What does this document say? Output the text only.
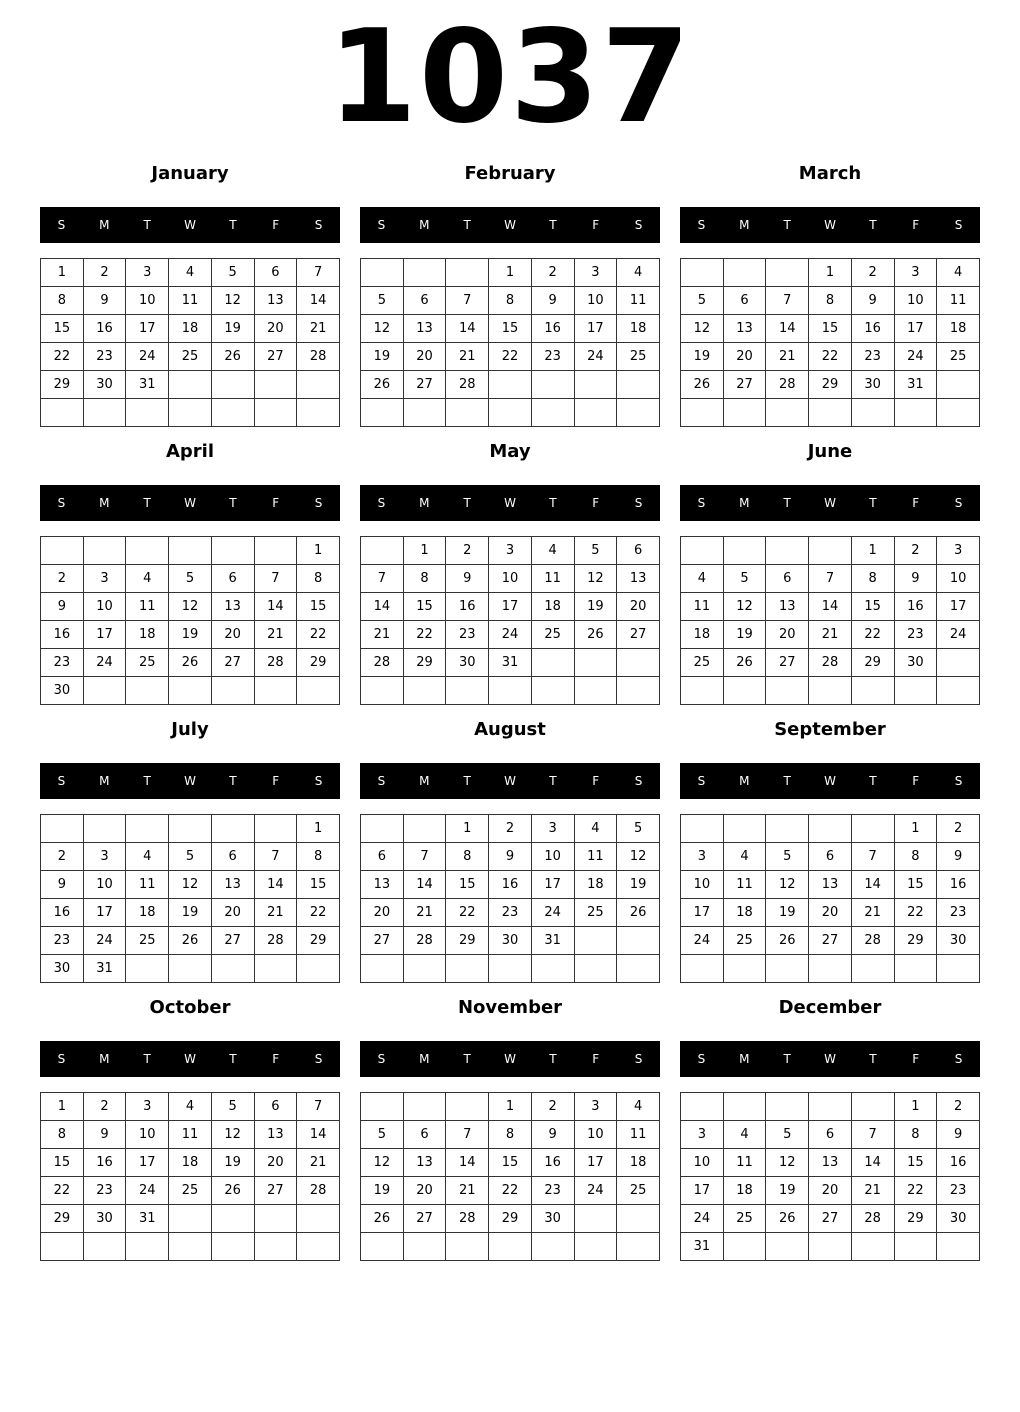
1037
January
S	M	T	W	T	F	S
1	2	3	4	5	6	7
8	9	10	11	12	13	14
15	16	17	18	19	20	21
22	23	24	25	26	27	28
29	30	31				

February
S	M	T	W	T	F	S
			1	2	3	4
5	6	7	8	9	10	11
12	13	14	15	16	17	18
19	20	21	22	23	24	25
26	27	28				

March
S	M	T	W	T	F	S
			1	2	3	4
5	6	7	8	9	10	11
12	13	14	15	16	17	18
19	20	21	22	23	24	25
26	27	28	29	30	31	

April
S	M	T	W	T	F	S
						1
2	3	4	5	6	7	8
9	10	11	12	13	14	15
16	17	18	19	20	21	22
23	24	25	26	27	28	29
30						
May
S	M	T	W	T	F	S
	1	2	3	4	5	6
7	8	9	10	11	12	13
14	15	16	17	18	19	20
21	22	23	24	25	26	27
28	29	30	31			

June
S	M	T	W	T	F	S
				1	2	3
4	5	6	7	8	9	10
11	12	13	14	15	16	17
18	19	20	21	22	23	24
25	26	27	28	29	30	

July
S	M	T	W	T	F	S
						1
2	3	4	5	6	7	8
9	10	11	12	13	14	15
16	17	18	19	20	21	22
23	24	25	26	27	28	29
30	31					
August
S	M	T	W	T	F	S
		1	2	3	4	5
6	7	8	9	10	11	12
13	14	15	16	17	18	19
20	21	22	23	24	25	26
27	28	29	30	31		

September
S	M	T	W	T	F	S
					1	2
3	4	5	6	7	8	9
10	11	12	13	14	15	16
17	18	19	20	21	22	23
24	25	26	27	28	29	30

October
S	M	T	W	T	F	S
1	2	3	4	5	6	7
8	9	10	11	12	13	14
15	16	17	18	19	20	21
22	23	24	25	26	27	28
29	30	31				

November
S	M	T	W	T	F	S
			1	2	3	4
5	6	7	8	9	10	11
12	13	14	15	16	17	18
19	20	21	22	23	24	25
26	27	28	29	30		

December
S	M	T	W	T	F	S
					1	2
3	4	5	6	7	8	9
10	11	12	13	14	15	16
17	18	19	20	21	22	23
24	25	26	27	28	29	30
31						
